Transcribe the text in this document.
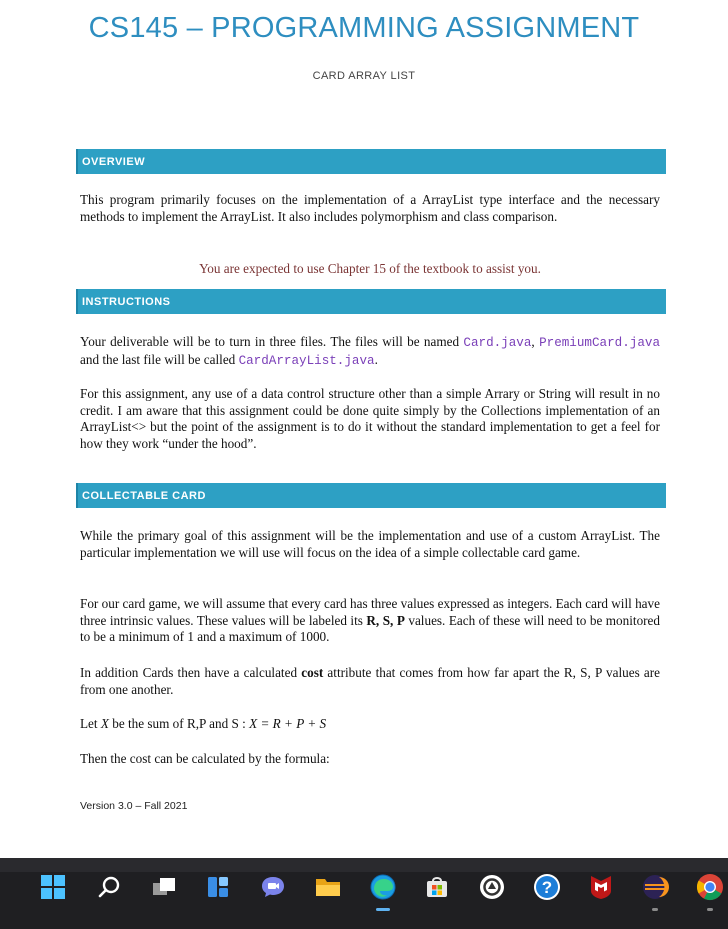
CS145 – PROGRAMMING ASSIGNMENT
CARD ARRAY LIST
OVERVIEW
This program primarily focuses on the implementation of a ArrayList type interface and the necessary methods to implement the ArrayList. It also includes polymorphism and class comparison.
You are expected to use Chapter 15 of the textbook to assist you.
INSTRUCTIONS
Your deliverable will be to turn in three files. The files will be named Card.java, PremiumCard.java and the last file will be called CardArrayList.java.
For this assignment, any use of a data control structure other than a simple Arrary or String will result in no credit. I am aware that this assignment could be done quite simply by the Collections implementation of an ArrayList<> but the point of the assignment is to do it without the standard implementation to get a feel for how they work “under the hood”.
COLLECTABLE CARD
While the primary goal of this assignment will be the implementation and use of a custom ArrayList. The particular implementation we will use will focus on the idea of a simple collectable card game.
For our card game, we will assume that every card has three values expressed as integers. Each card will have three intrinsic values. These values will be labeled its R, S, P values. Each of these will need to be monitored to be a minimum of 1 and a maximum of 1000.
In addition Cards then have a calculated cost attribute that comes from how far apart the R, S, P values are from one another.
Let X be the sum of R,P and S : X = R + P + S
Then the cost can be calculated by the formula:
Version 3.0 – Fall 2021
?
